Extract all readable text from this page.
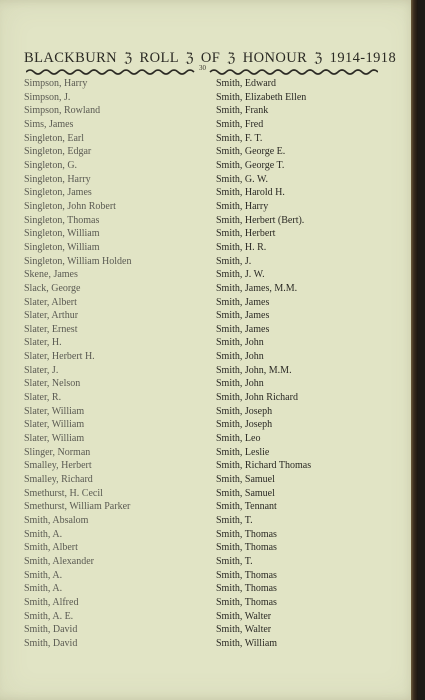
BLACKBURN ℨ ROLL ℨ OF ℨ HONOUR ℨ 1914-1918
30
Simpson, Harry
Simpson, J.
Simpson, Rowland
Sims, James
Singleton, Earl
Singleton, Edgar
Singleton, G.
Singleton, Harry
Singleton, James
Singleton, John Robert
Singleton, Thomas
Singleton, William
Singleton, William
Singleton, William Holden
Skene, James
Slack, George
Slater, Albert
Slater, Arthur
Slater, Ernest
Slater, H.
Slater, Herbert H.
Slater, J.
Slater, Nelson
Slater, R.
Slater, William
Slater, William
Slater, William
Slinger, Norman
Smalley, Herbert
Smalley, Richard
Smethurst, H. Cecil
Smethurst, William Parker
Smith, Absalom
Smith, A.
Smith, Albert
Smith, Alexander
Smith, A.
Smith, A.
Smith, Alfred
Smith, A. E.
Smith, David
Smith, David
Smith, Edward
Smith, Elizabeth Ellen
Smith, Frank
Smith, Fred
Smith, F. T.
Smith, George E.
Smith, George T.
Smith, G. W.
Smith, Harold H.
Smith, Harry
Smith, Herbert (Bert).
Smith, Herbert
Smith, H. R.
Smith, J.
Smith, J. W.
Smith, James, M.M.
Smith, James
Smith, James
Smith, James
Smith, John
Smith, John
Smith, John, M.M.
Smith, John
Smith, John Richard
Smith, Joseph
Smith, Joseph
Smith, Leo
Smith, Leslie
Smith, Richard Thomas
Smith, Samuel
Smith, Samuel
Smith, Tennant
Smith, T.
Smith, Thomas
Smith, Thomas
Smith, T.
Smith, Thomas
Smith, Thomas
Smith, Thomas
Smith, Walter
Smith, Walter
Smith, William
